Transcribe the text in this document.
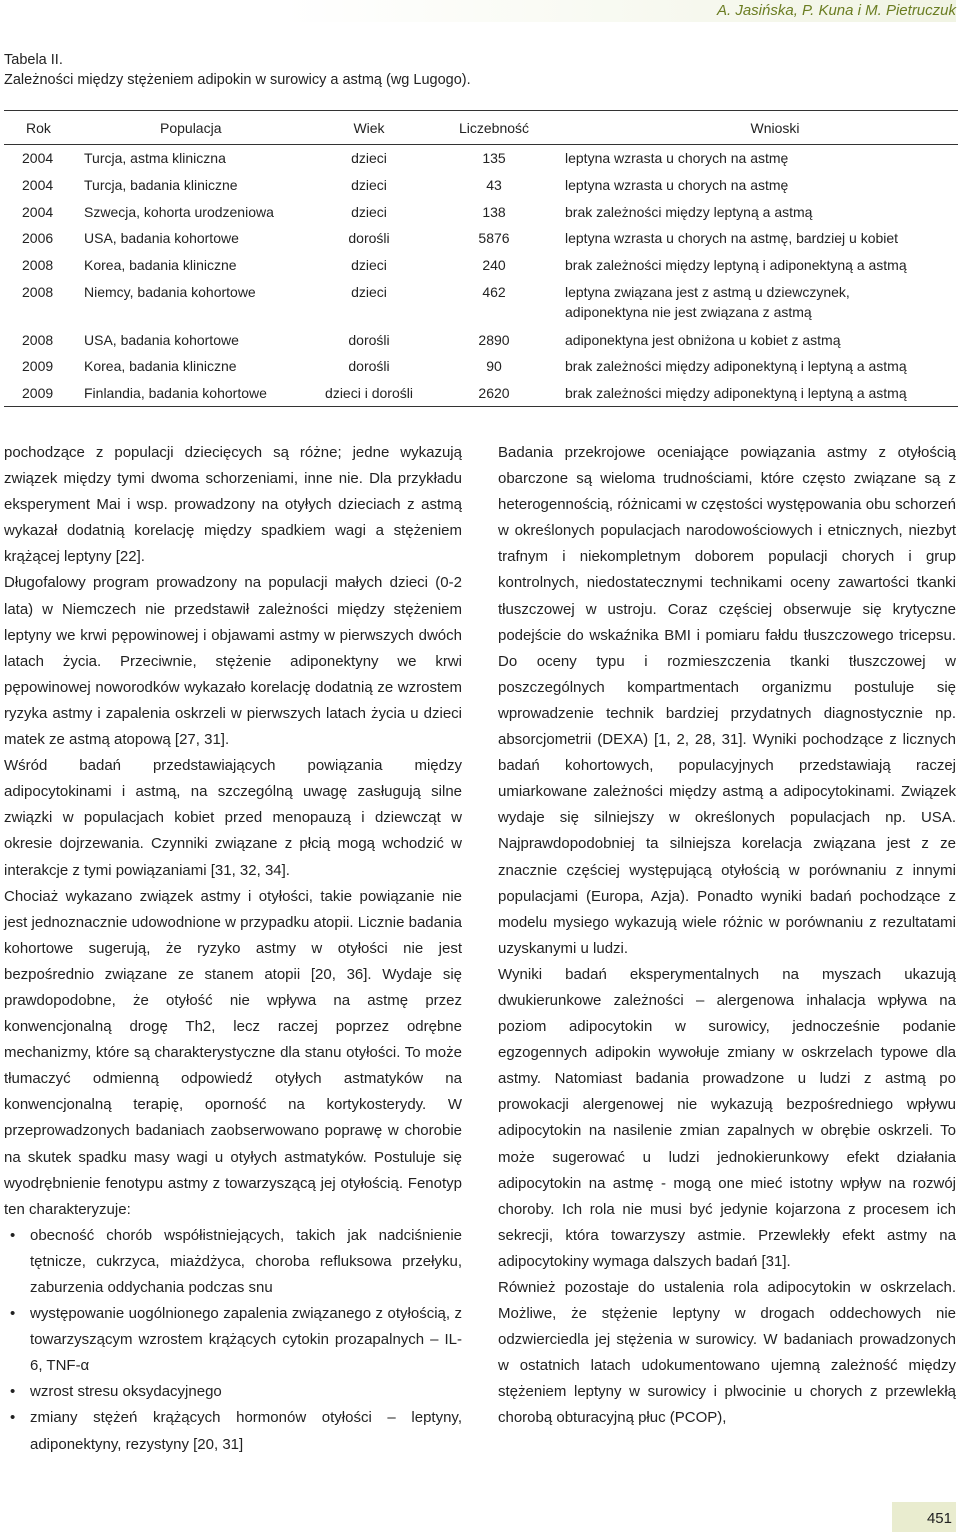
A. Jasińska, P. Kuna i M. Pietruczuk
Tabela II.
Zależności między stężeniem adipokin w surowicy a astmą (wg Lugogo).
Rok	Populacja	Wiek	Liczebność	Wnioski
2004	Turcja, astma kliniczna	dzieci	135	leptyna wzrasta u chorych na astmę
2004	Turcja, badania kliniczne	dzieci	43	leptyna wzrasta u chorych na astmę
2004	Szwecja, kohorta urodzeniowa	dzieci	138	brak zależności między leptyną a astmą
2006	USA, badania kohortowe	dorośli	5876	leptyna wzrasta u chorych na astmę, bardziej u kobiet
2008	Korea, badania kliniczne	dzieci	240	brak zależności między leptyną i adiponektyną a astmą
2008	Niemcy, badania kohortowe	dzieci	462	leptyna związana jest z astmą u dziewczynek, adiponektyna nie jest związana z astmą
2008	USA, badania kohortowe	dorośli	2890	adiponektyna jest obniżona u kobiet z astmą
2009	Korea, badania kliniczne	dorośli	90	brak zależności między adiponektyną i leptyną a astmą
2009	Finlandia, badania kohortowe	dzieci i dorośli	2620	brak zależności między adiponektyną i leptyną a astmą

pochodzące z populacji dziecięcych są różne; jedne wykazują związek między tymi dwoma schorzeniami, inne nie. Dla przykładu eksperyment Mai i wsp. prowadzony na otyłych dzieciach z astmą wykazał dodatnią korelację między spadkiem wagi a stężeniem krążącej leptyny [22].

Długofalowy program prowadzony na populacji małych dzieci (0-2 lata) w Niemczech nie przedstawił zależności między stężeniem leptyny we krwi pępowinowej i objawami astmy w pierwszych dwóch latach życia. Przeciwnie, stężenie adiponektyny we krwi pępowinowej noworodków wykazało korelację dodatnią ze wzrostem ryzyka astmy i zapalenia oskrzeli w pierwszych latach życia u dzieci matek ze astmą atopową [27, 31].

Wśród badań przedstawiających powiązania między adipocytokinami i astmą, na szczególną uwagę zasługują silne związki w populacjach kobiet przed menopauzą i dziewcząt w okresie dojrzewania. Czynniki związane z płcią mogą wchodzić w interakcje z tymi powiązaniami [31, 32, 34].

Chociaż wykazano związek astmy i otyłości, takie powiązanie nie jest jednoznacznie udowodnione w przypadku atopii. Licznie badania kohortowe sugerują, że ryzyko astmy w otyłości nie jest bezpośrednio związane ze stanem atopii [20, 36]. Wydaje się prawdopodobne, że otyłość nie wpływa na astmę przez konwencjonalną drogę Th2, lecz raczej poprzez odrębne mechanizmy, które są charakterystyczne dla stanu otyłości. To może tłumaczyć odmienną odpowiedź otyłych astmatyków na konwencjonalną terapię, oporność na kortykosterydy. W przeprowadzonych badaniach zaobserwowano poprawę w chorobie na skutek spadku masy wagi u otyłych astmatyków. Postuluje się wyodrębnienie fenotypu astmy z towarzyszącą jej otyłością. Fenotyp ten charakteryzuje:

• obecność chorób współistniejących, takich jak nadciśnienie tętnicze, cukrzyca, miażdżyca, choroba refluksowa przełyku, zaburzenia oddychania podczas snu
• występowanie uogólnionego zapalenia związanego z otyłością, z towarzyszącym wzrostem krążących cytokin prozapalnych – IL-6, TNF-α
• wzrost stresu oksydacyjnego
• zmiany stężeń krążących hormonów otyłości – leptyny, adiponektyny, rezystyny [20, 31]

Badania przekrojowe oceniające powiązania astmy z otyłością obarczone są wieloma trudnościami, które często związane są z heterogennością, różnicami w częstości występowania obu schorzeń w określonych populacjach narodowościowych i etnicznych, niezbyt trafnym i niekompletnym doborem populacji chorych i grup kontrolnych, niedostatecznymi technikami oceny zawartości tkanki tłuszczowej w ustroju. Coraz częściej obserwuje się krytyczne podejście do wskaźnika BMI i pomiaru fałdu tłuszczowego tricepsu. Do oceny typu i rozmieszczenia tkanki tłuszczowej w poszczególnych kompartmentach organizmu postuluje się wprowadzenie technik bardziej przydatnych diagnostycznie np. absorcjometrii (DEXA) [1, 2, 28, 31]. Wyniki pochodzące z licznych badań kohortowych, populacyjnych przedstawiają raczej umiarkowane zależności między astmą a adipocytokinami. Związek wydaje się silniejszy w określonych populacjach np. USA. Najprawdopodobniej ta silniejsza korelacja związana jest z ze znacznie częściej występującą otyłością w porównaniu z innymi populacjami (Europa, Azja). Ponadto wyniki badań pochodzące z modelu mysiego wykazują wiele różnic w porównaniu z rezultatami uzyskanymi u ludzi.

Wyniki badań eksperymentalnych na myszach ukazują dwukierunkowe zależności – alergenowa inhalacja wpływa na poziom adipocytokin w surowicy, jednocześnie podanie egzogennych adipokin wywołuje zmiany w oskrzelach typowe dla astmy. Natomiast badania prowadzone u ludzi z astmą po prowokacji alergenowej nie wykazują bezpośredniego wpływu adipocytokin na nasilenie zmian zapalnych w obrębie oskrzeli. To może sugerować u ludzi jednokierunkowy efekt działania adipocytokin na astmę - mogą one mieć istotny wpływ na rozwój choroby. Ich rola nie musi być jedynie kojarzona z procesem ich sekrecji, która towarzyszy astmie. Przewlekły efekt astmy na adipocytokiny wymaga dalszych badań [31].

Również pozostaje do ustalenia rola adipocytokin w oskrzelach. Możliwe, że stężenie leptyny w drogach oddechowych nie odzwierciedla jej stężenia w surowicy. W badaniach prowadzonych w ostatnich latach udokumentowano ujemną zależność między stężeniem leptyny w surowicy i plwocinie u chorych z przewlekłą chorobą obturacyjną płuc (PCOP),

451
